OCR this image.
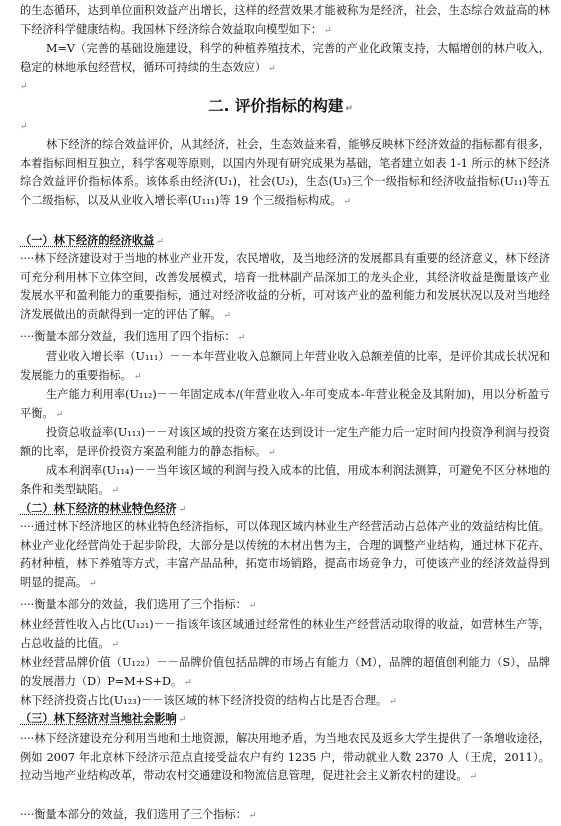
的生态循环，达到单位面积效益产出增长，这样的经营效果才能被称为是经济，社会，生态综合效益高的林下经济科学健康结构。我国林下经济综合效益取向模型如下： ↵

M=V（完善的基础设施建设，科学的种植养殖技术，完善的产业化政策支持，大幅增创的林户收入，稳定的林地承包经营权，循环可持续的生态效应） ↵

↵
二. 评价指标的构建 ↵
↵

林下经济的综合效益评价，从其经济，社会，生态效益来看，能够反映林下经济效益的指标都有很多，本着指标间相互独立，科学客观等原则，以国内外现有研究成果为基础，笔者建立如表 1-1 所示的林下经济综合效益评价指标体系。该体系由经济(U₁)，社会(U₂)，生态(U₃)三个一级指标和经济收益指标(U₁₁)等五个二级指标，以及从业收入增长率(U₁₁₁)等 19 个三级指标构成。 ↵

（一）林下经济的经济收益 ↵

····林下经济建设对于当地的林业产业开发，农民增收，及当地经济的发展都具有重要的经济意义，林下经济可充分利用林下立体空间，改善发展模式，培育一批林副产品深加工的龙头企业，其经济收益是衡量该产业发展水平和盈利能力的重要指标，通过对经济收益的分析，可对该产业的盈利能力和发展状况以及对当地经济发展做出的贡献得到一定的评估了解。 ↵

····衡量本部分效益，我们选用了四个指标： ↵

营业收入增长率（U₁₁₁）－－本年营业收入总额同上年营业收入总额差值的比率，是评价其成长状况和发展能力的重要指标。 ↵

生产能力利用率(U₁₁₂)－－年固定成本/(年营业收入-年可变成本-年营业税金及其附加)，用以分析盈亏平衡。 ↵

投资总收益率(U₁₁₃)－－对该区域的投资方案在达到设计一定生产能力后一定时间内投资净利润与投资额的比率，是评价投资方案盈利能力的静态指标。 ↵

成本利润率(U₁₁₄)－－当年该区域的利润与投入成本的比值，用成本利润法测算，可避免不区分林地的条件和类型缺陷。 ↵

（二）林下经济的林业特色经济 ↵

····通过林下经济地区的林业特色经济指标，可以体现区域内林业生产经营活动占总体产业的效益结构比值。林业产业化经营尚处于起步阶段，大部分是以传统的木材出售为主，合理的调整产业结构，通过林下花卉、药材种植，林下养殖等方式，丰富产品品种，拓宽市场销路，提高市场竞争力，可使该产业的经济效益得到明显的提高。 ↵

····衡量本部分的效益，我们选用了三个指标： ↵

林业经营性收入占比(U₁₂₁)－－指该年该区域通过经常性的林业生产经营活动取得的收益，如营林生产等，占总收益的比值。 ↵

林业经营品牌价值（U₁₂₂）－－品牌价值包括品牌的市场占有能力（M），品牌的超值创利能力（S），品牌的发展潜力（D）P=M+S+D。 ↵

林下经济投资占比(U₁₂₃)－－该区域的林下经济投资的结构占比是否合理。 ↵

（三）林下经济对当地社会影响 ↵

····林下经济建设充分利用当地和土地资源，解决用地矛盾，为当地农民及返乡大学生提供了一条增收途径，例如 2007 年北京林下经济示范点直接受益农户有约 1235 户，带动就业人数 2370 人（王虎，2011）。拉动当地产业结构改革，带动农村交通建设和物流信息管理，促进社会主义新农村的建设。 ↵

····衡量本部分的效益，我们选用了三个指标： ↵
